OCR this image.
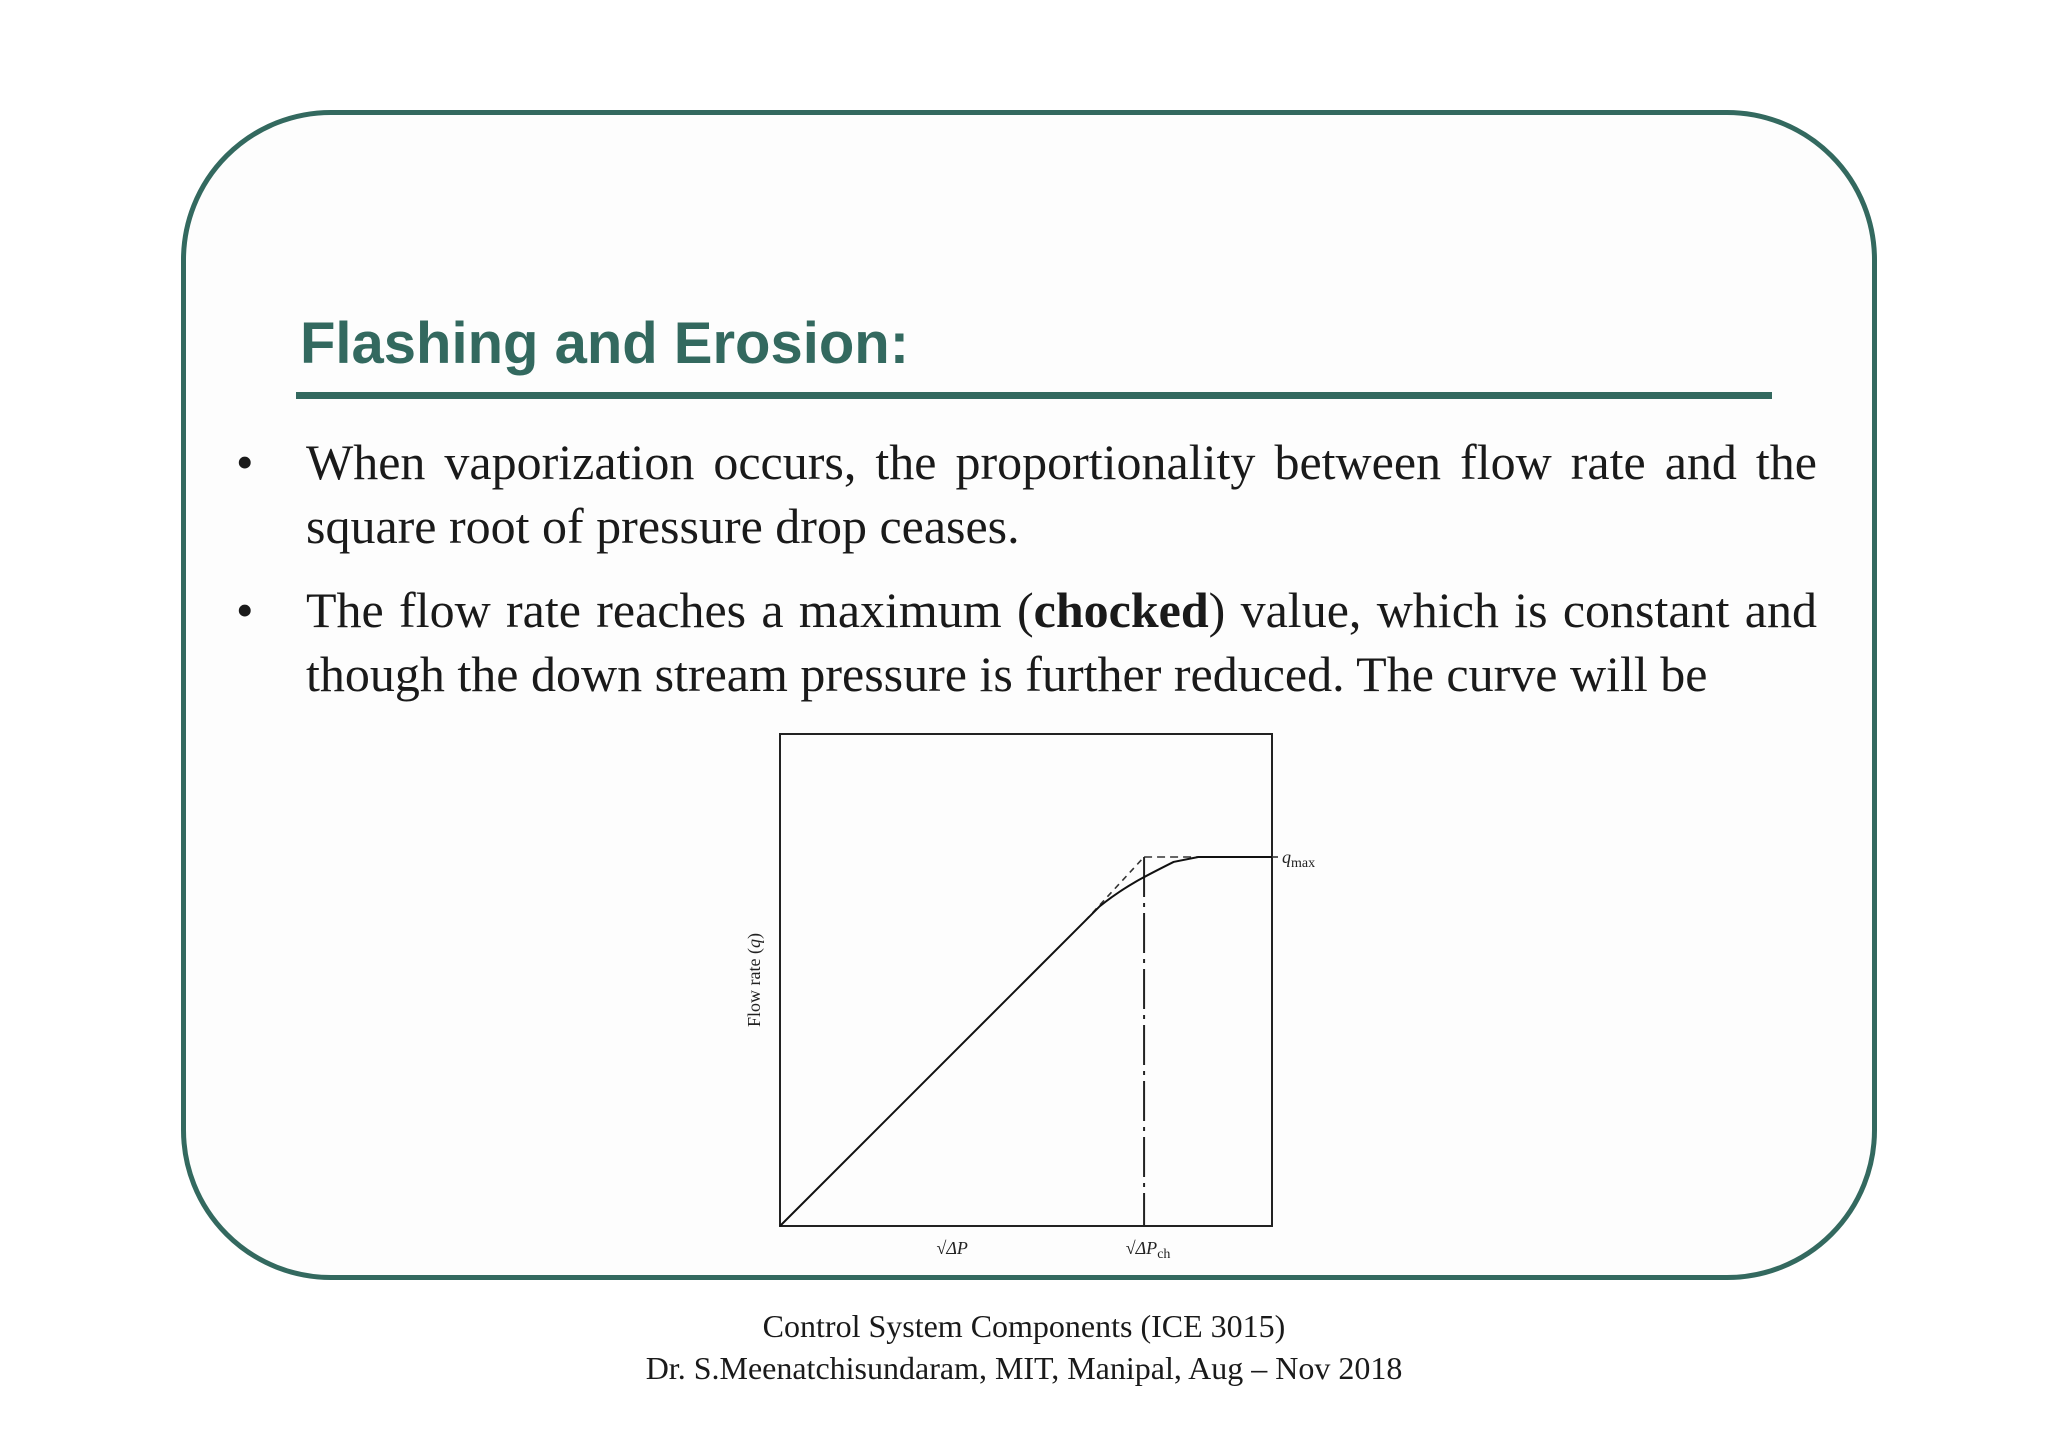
Flashing and Erosion:
• When vaporization occurs, the proportionality between flow rate and the square root of pressure drop ceases.
• The flow rate reaches a maximum (chocked) value, which is constant and though the down stream pressure is further reduced. The curve will be
Flow rate (q)
qmax
√ΔP	√ΔPch
Control System Components (ICE 3015)
Dr. S.Meenatchisundaram, MIT, Manipal, Aug – Nov 2018
